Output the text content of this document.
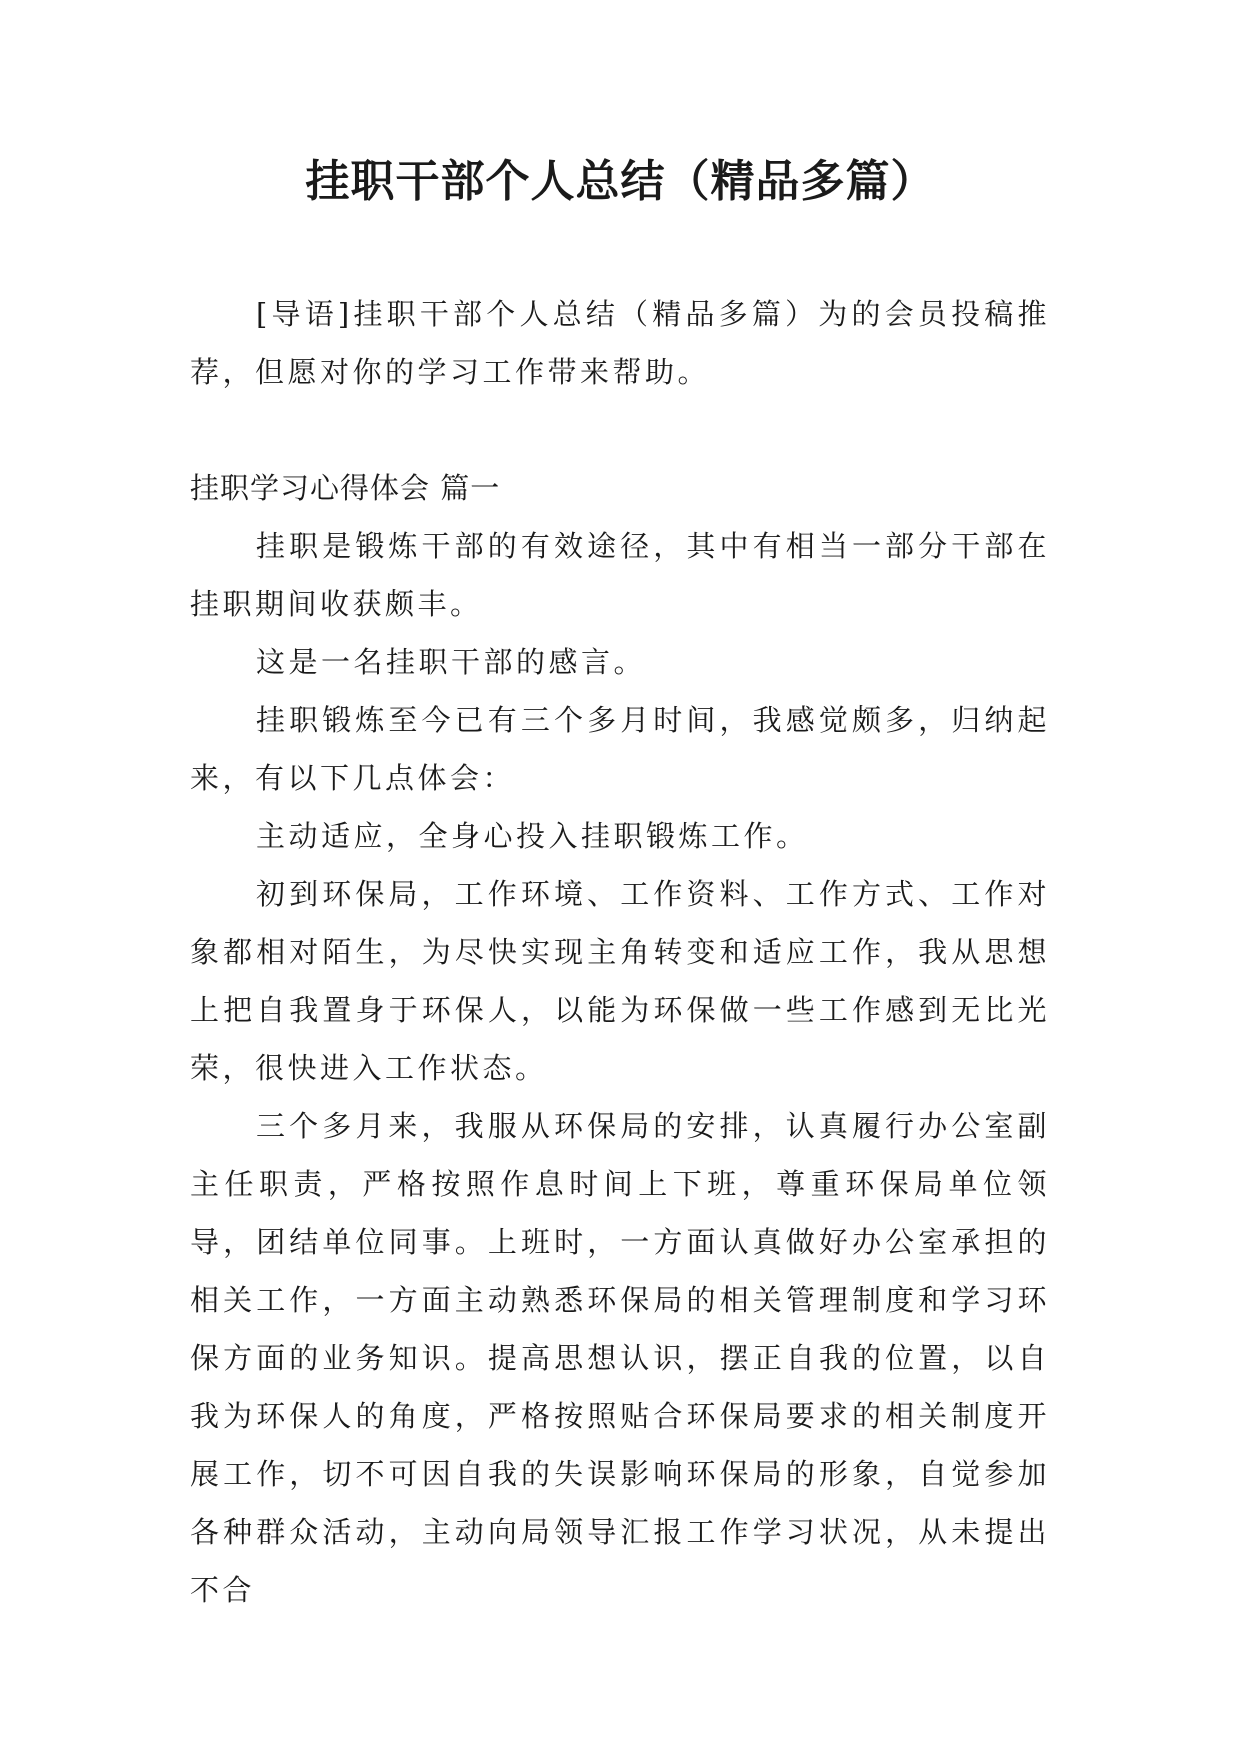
挂职干部个人总结（精品多篇）

[导语]挂职干部个人总结（精品多篇）为的会员投稿推荐，但愿对你的学习工作带来帮助。

挂职学习心得体会 篇一

挂职是锻炼干部的有效途径，其中有相当一部分干部在挂职期间收获颇丰。

这是一名挂职干部的感言。

挂职锻炼至今已有三个多月时间，我感觉颇多，归纳起来，有以下几点体会：

主动适应，全身心投入挂职锻炼工作。

初到环保局，工作环境、工作资料、工作方式、工作对象都相对陌生，为尽快实现主角转变和适应工作，我从思想上把自我置身于环保人，以能为环保做一些工作感到无比光荣，很快进入工作状态。

三个多月来，我服从环保局的安排，认真履行办公室副主任职责，严格按照作息时间上下班，尊重环保局单位领导，团结单位同事。上班时，一方面认真做好办公室承担的相关工作，一方面主动熟悉环保局的相关管理制度和学习环保方面的业务知识。提高思想认识，摆正自我的位置，以自我为环保人的角度，严格按照贴合环保局要求的相关制度开展工作，切不可因自我的失误影响环保局的形象，自觉参加各种群众活动，主动向局领导汇报工作学习状况，从未提出不合
